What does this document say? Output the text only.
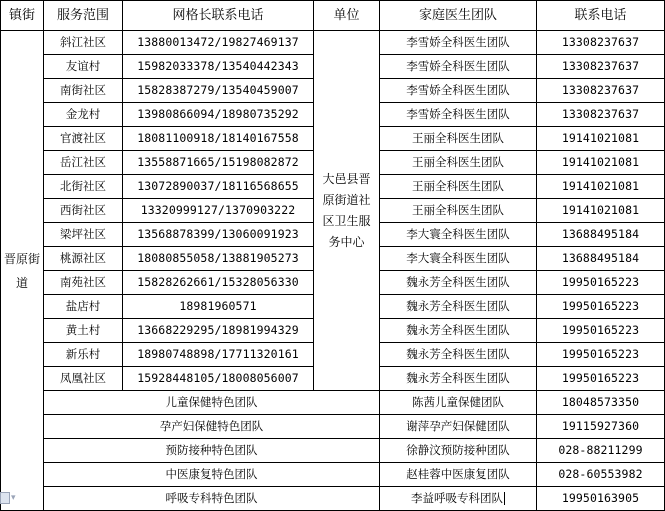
镇街	服务范围	网格长联系电话	单位	家庭医生团队	联系电话
晋原街道	斜江社区	13880013472/19827469137	大邑县晋原街道社区卫生服务中心	李雪娇全科医生团队	13308237637
	友谊村	15982033378/13540442343		李雪娇全科医生团队	13308237637
	南街社区	15828387279/13540459007		李雪娇全科医生团队	13308237637
	金龙村	13980866094/18980735292		李雪娇全科医生团队	13308237637
	官渡社区	18081100918/18140167558		王丽全科医生团队	19141021081
	岳江社区	13558871665/15198082872		王丽全科医生团队	19141021081
	北街社区	13072890037/18116568655		王丽全科医生团队	19141021081
	西街社区	13320999127/1370903222		王丽全科医生团队	19141021081
	梁坪社区	13568878399/13060091923		李大寰全科医生团队	13688495184
	桃源社区	18080855058/13881905273		李大寰全科医生团队	13688495184
	南苑社区	15828262661/15328056330		魏永芳全科医生团队	19950165223
	盐店村	18981960571		魏永芳全科医生团队	19950165223
	黄土村	13668229295/18981994329		魏永芳全科医生团队	19950165223
	新乐村	18980748898/17711320161		魏永芳全科医生团队	19950165223
	凤凰社区	15928448105/18008056007		魏永芳全科医生团队	19950165223
	儿童保健特色团队			陈茜儿童保健团队	18048573350
	孕产妇保健特色团队			谢萍孕产妇保健团队	19115927360
	预防接种特色团队			徐静汶预防接种团队	028-88211299
	中医康复特色团队			赵桂蓉中医康复团队	028-60553982
	呼吸专科特色团队			李益呼吸专科团队	19950163905
▾
